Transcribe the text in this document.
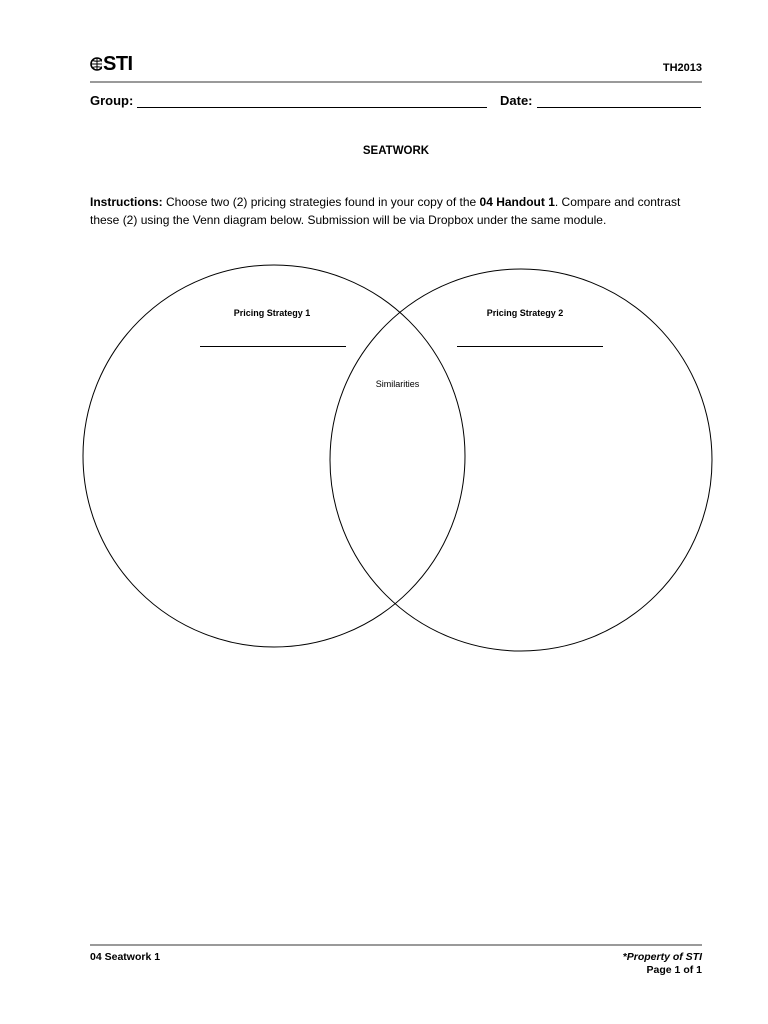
STI	TH2013
Group:	Date:
SEATWORK
Instructions: Choose two (2) pricing strategies found in your copy of the 04 Handout 1. Compare and contrast these (2) using the Venn diagram below. Submission will be via Dropbox under the same module.
Pricing Strategy 1	Pricing Strategy 2
Similarities
04 Seatwork 1	*Property of STI
Page 1 of 1
